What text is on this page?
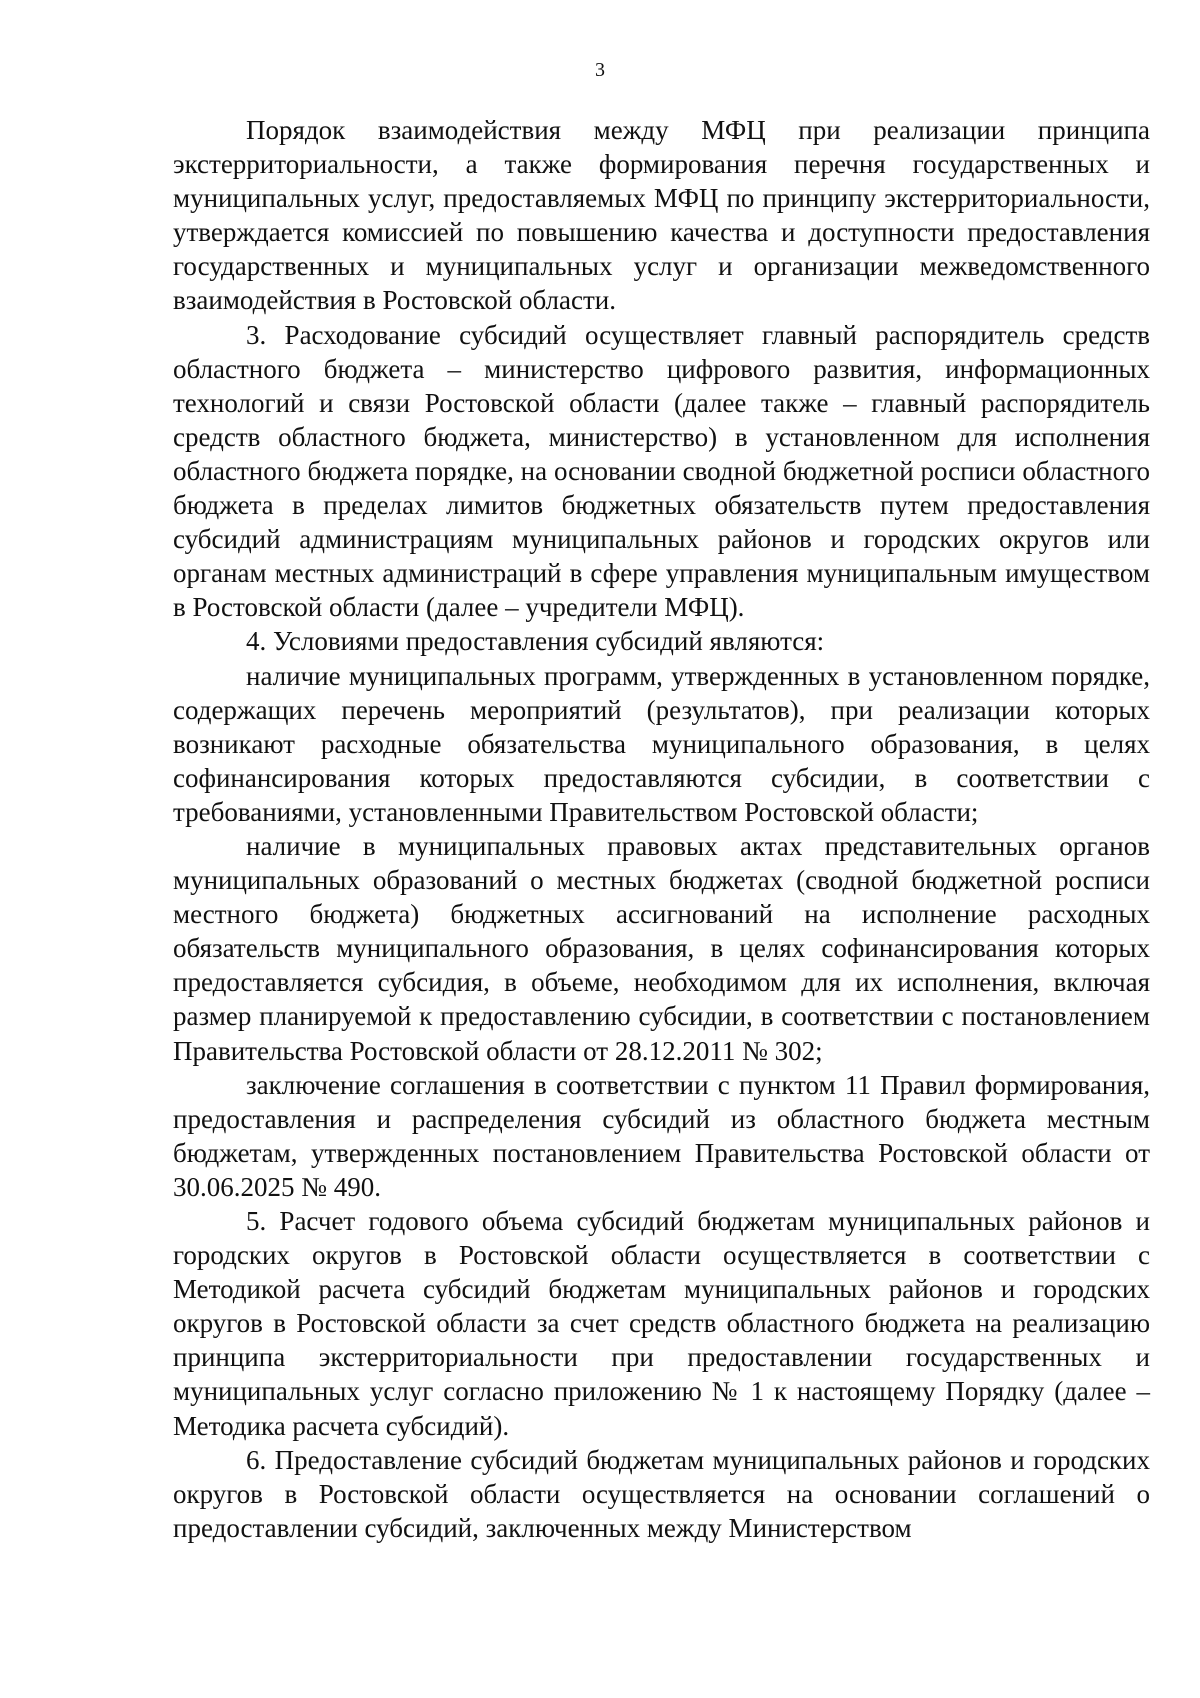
3

Порядок взаимодействия между МФЦ при реализации принципа экстерриториальности, а также формирования перечня государственных и муниципальных услуг, предоставляемых МФЦ по принципу экстерриториальности, утверждается комиссией по повышению качества и доступности предоставления государственных и муниципальных услуг и организации межведомственного взаимодействия в Ростовской области.

3. Расходование субсидий осуществляет главный распорядитель средств областного бюджета – министерство цифрового развития, информационных технологий и связи Ростовской области (далее также – главный распорядитель средств областного бюджета, министерство) в установленном для исполнения областного бюджета порядке, на основании сводной бюджетной росписи областного бюджета в пределах лимитов бюджетных обязательств путем предоставления субсидий администрациям муниципальных районов и городских округов или органам местных администраций в сфере управления муниципальным имуществом в Ростовской области (далее – учредители МФЦ).

4. Условиями предоставления субсидий являются:

наличие муниципальных программ, утвержденных в установленном порядке, содержащих перечень мероприятий (результатов), при реализации которых возникают расходные обязательства муниципального образования, в целях софинансирования которых предоставляются субсидии, в соответствии с требованиями, установленными Правительством Ростовской области;

наличие в муниципальных правовых актах представительных органов муниципальных образований о местных бюджетах (сводной бюджетной росписи местного бюджета) бюджетных ассигнований на исполнение расходных обязательств муниципального образования, в целях софинансирования которых предоставляется субсидия, в объеме, необходимом для их исполнения, включая размер планируемой к предоставлению субсидии, в соответствии с постановлением Правительства Ростовской области от 28.12.2011 № 302;

заключение соглашения в соответствии с пунктом 11 Правил формирования, предоставления и распределения субсидий из областного бюджета местным бюджетам, утвержденных постановлением Правительства Ростовской области от 30.06.2025 № 490.

5. Расчет годового объема субсидий бюджетам муниципальных районов и городских округов в Ростовской области осуществляется в соответствии с Методикой расчета субсидий бюджетам муниципальных районов и городских округов в Ростовской области за счет средств областного бюджета на реализацию принципа экстерриториальности при предоставлении государственных и муниципальных услуг согласно приложению № 1 к настоящему Порядку (далее – Методика расчета субсидий).

6. Предоставление субсидий бюджетам муниципальных районов и городских округов в Ростовской области осуществляется на основании соглашений о предоставлении субсидий, заключенных между Министерством
